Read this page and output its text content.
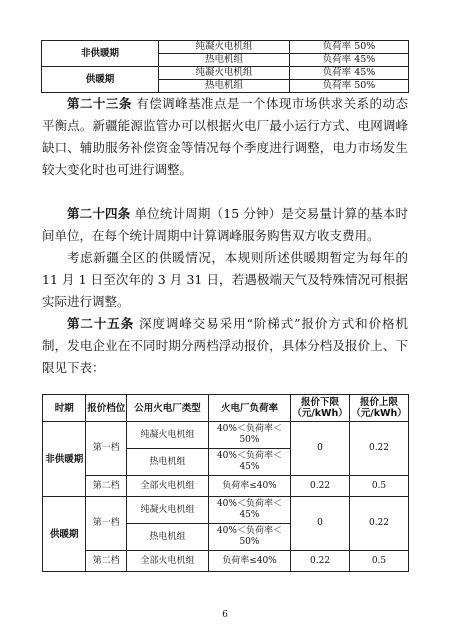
非供暖期	纯凝火电机组	负荷率 50%
	热电机组	负荷率 45%
供暖期	纯凝火电机组	负荷率 45%
	热电机组	负荷率 50%

第二十三条 有偿调峰基准点是一个体现市场供求关系的动态平衡点。新疆能源监管办可以根据火电厂最小运行方式、电网调峰缺口、辅助服务补偿资金等情况每个季度进行调整，电力市场发生较大变化时也可进行调整。

第二十四条 单位统计周期（15 分钟）是交易量计算的基本时间单位，在每个统计周期中计算调峰服务购售双方收支费用。

考虑新疆全区的供暖情况，本规则所述供暖期暂定为每年的 11 月 1 日至次年的 3 月 31 日，若遇极端天气及特殊情况可根据实际进行调整。

第二十五条 深度调峰交易采用“阶梯式”报价方式和价格机制，发电企业在不同时期分两档浮动报价，具体分档及报价上、下限见下表：

时期	报价档位	公用火电厂类型	火电厂负荷率	报价下限（元/kWh）	报价上限（元/kWh）
非供暖期	第一档	纯凝火电机组	40%＜负荷率＜50%	0	0.22
		热电机组	40%＜负荷率＜45%		
	第二档	全部火电机组	负荷率≤40%	0.22	0.5
供暖期	第一档	纯凝火电机组	40%＜负荷率＜45%	0	0.22
		热电机组	40%＜负荷率＜50%		
	第二档	全部火电机组	负荷率≤40%	0.22	0.5
6
